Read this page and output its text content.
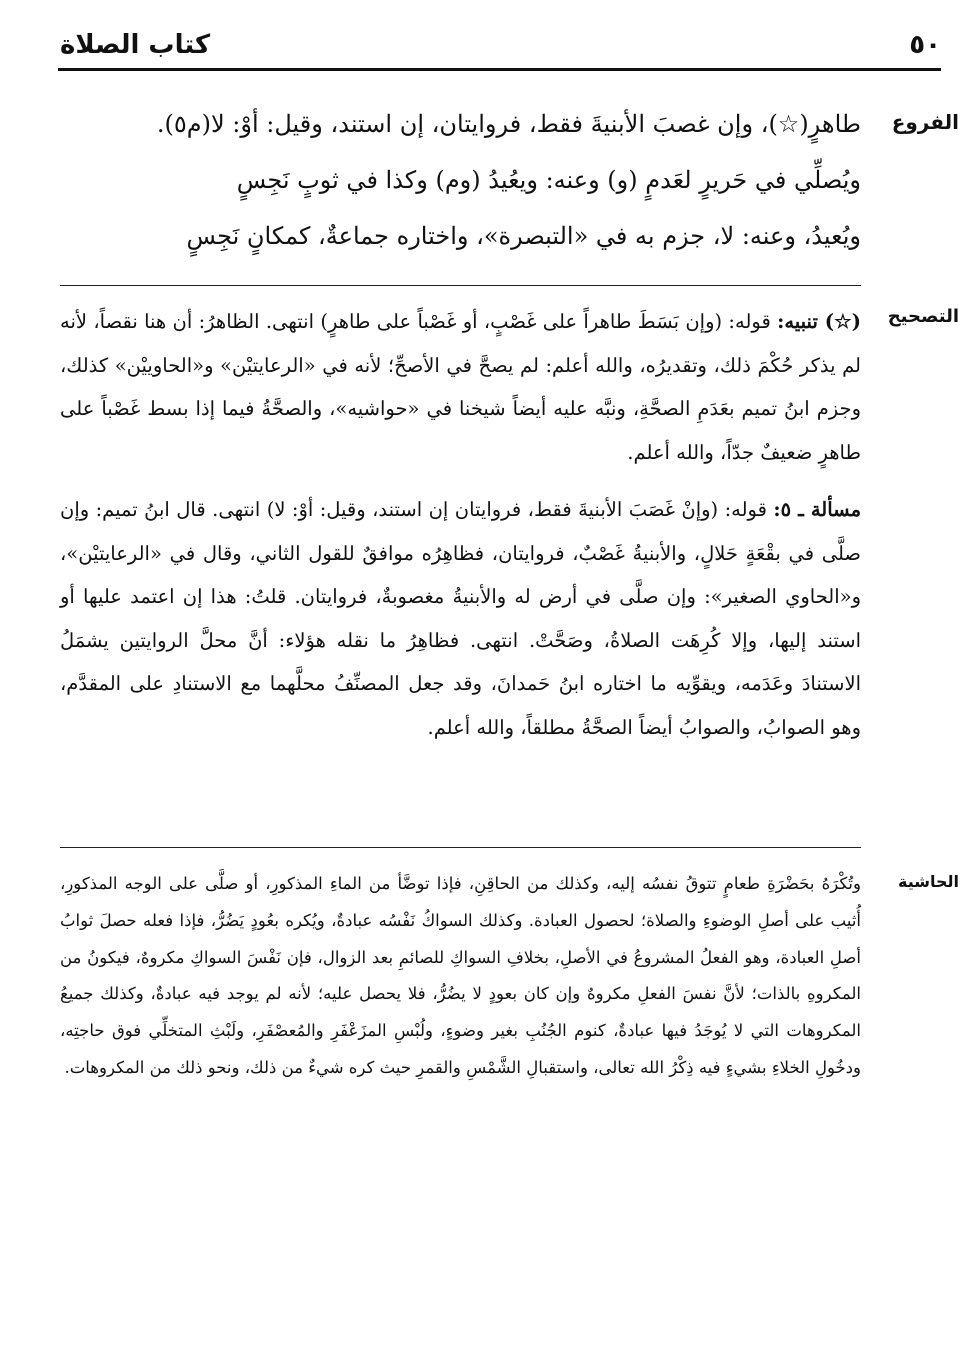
٥٠
كتاب الصلاة
الفروع

طاهرٍ(☆)، وإن غصبَ الأبنيةَ فقط، فروايتان، إن استند، وقيل: أوْ: لا(م٥).

ويُصلِّي في حَريرٍ لعَدمٍ (و) وعنه: ويعُيدُ (وم) وكذا في ثوبٍ نَجِسٍ

ويُعيدُ، وعنه: لا، جزم به في «التبصرة»، واختاره جماعةٌ، كمكانٍ نَجِسٍ

التصحيح

(☆) تنبيه: قوله: (وإن بَسَطَ طاهراً على غَصْبٍ، أو غَصْباً على طاهرٍ) انتهى. الظاهرُ: أن هنا نقصاً، لأنه لم يذكر حُكْمَ ذلك، وتقديرُه، والله أعلم: لم يصحَّ في الأصحِّ؛ لأنه في «الرعايتيْن» و«الحاوييْن» كذلك، وجزم ابنُ تميم بعَدَمِ الصحَّةِ، ونبَّه عليه أيضاً شيخنا في «حواشيه»، والصحَّةُ فيما إذا بسط غَصْباً على طاهرٍ ضعيفٌ جدّاً، والله أعلم.

مسألة ـ ٥: قوله: (وإنْ غَصَبَ الأبنيةَ فقط، فروايتان إن استند، وقيل: أوْ: لا) انتهى. قال ابنُ تميم: وإن صلَّى في بقْعَةٍ حَلالٍ، والأبنيةُ غَصْبٌ، فروايتان، فظاهِرُه موافقٌ للقول الثاني، وقال في «الرعايتيْن»، و«الحاوي الصغير»: وإن صلَّى في أرض له والأبنيةُ مغصوبةٌ، فروايتان. قلتُ: هذا إن اعتمد عليها أو استند إليها، وإلا كُرِهَت الصلاةُ، وصَحَّتْ. انتهى. فظاهِرُ ما نقله هؤلاء: أنَّ محلَّ الروايتين يشمَلُ الاستنادَ وعَدَمه، ويقوِّيه ما اختاره ابنُ حَمدانَ، وقد جعل المصنِّفُ محلَّهما مع الاستنادِ على المقدَّم، وهو الصوابُ، والصوابُ أيضاً الصحَّةُ مطلقاً، والله أعلم.

الحاشية

وتُكْرَهُ بحَضْرَةِ طعامٍ تتوقُ نفسُه إليه، وكذلك من الحاقِنِ، فإذا توضَّأ من الماءِ المذكورِ، أو صلَّى على الوجه المذكورِ، أُثيب على أصلِ الوضوءِ والصلاة؛ لحصول العبادة. وكذلك السواكُ نَفْسُه عبادةٌ، ويُكره بعُودٍ يَضُرُّ، فإذا فعله حصلَ ثوابُ أصلِ العبادة، وهو الفعلُ المشروعُ في الأصلِ، بخلافِ السواكِ للصائمِ بعد الزوال، فإن نَفْسَ السواكِ مكروهٌ، فيكونُ من المكروهِ بالذات؛ لأنَّ نفسَ الفعلِ مكروهٌ وإن كان بعودٍ لا يضُرُّ، فلا يحصل عليه؛ لأنه لم يوجد فيه عبادةٌ، وكذلك جميعُ المكروهات التي لا يُوجَدُ فيها عبادةٌ، كنوم الجُنُبِ بغير وضوءٍ، ولُبْسِ المزَعْفَرِ والمُعصْفَرِ، ولَبْثِ المتخلِّي فوق حاجتِه، ودخُولِ الخلاءِ بشيءٍ فيه ذِكْرُ الله تعالى، واستقبالِ الشَّمْسِ والقمرِ حيث كره شيءٌ من ذلك، ونحو ذلك من المكروهات.
